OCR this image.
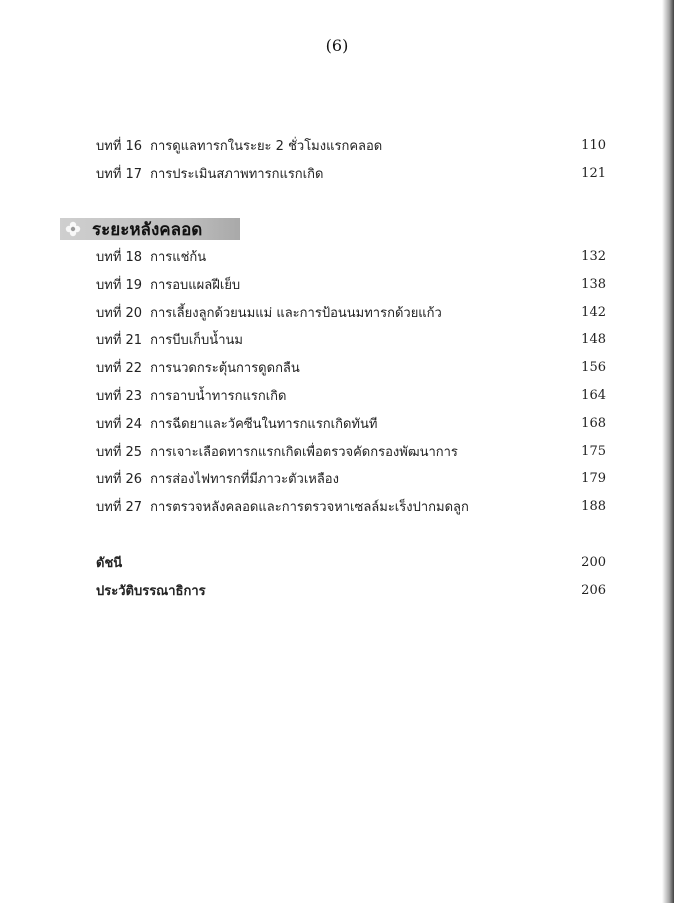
(6)
บทที่ 16 การดูแลทารกในระยะ 2 ชั่วโมงแรกคลอด	110
บทที่ 17 การประเมินสภาพทารกแรกเกิด	121
ระยะหลังคลอด
บทที่ 18 การแช่ก้น	132
บทที่ 19 การอบแผลฝีเย็บ	138
บทที่ 20 การเลี้ยงลูกด้วยนมแม่ และการป้อนนมทารกด้วยแก้ว	142
บทที่ 21 การบีบเก็บน้ำนม	148
บทที่ 22 การนวดกระตุ้นการดูดกลืน	156
บทที่ 23 การอาบน้ำทารกแรกเกิด	164
บทที่ 24 การฉีดยาและวัคซีนในทารกแรกเกิดทันที	168
บทที่ 25 การเจาะเลือดทารกแรกเกิดเพื่อตรวจคัดกรองพัฒนาการ	175
บทที่ 26 การส่องไฟทารกที่มีภาวะตัวเหลือง	179
บทที่ 27 การตรวจหลังคลอดและการตรวจหาเซลล์มะเร็งปากมดลูก	188
ดัชนี	200
ประวัติบรรณาธิการ	206
